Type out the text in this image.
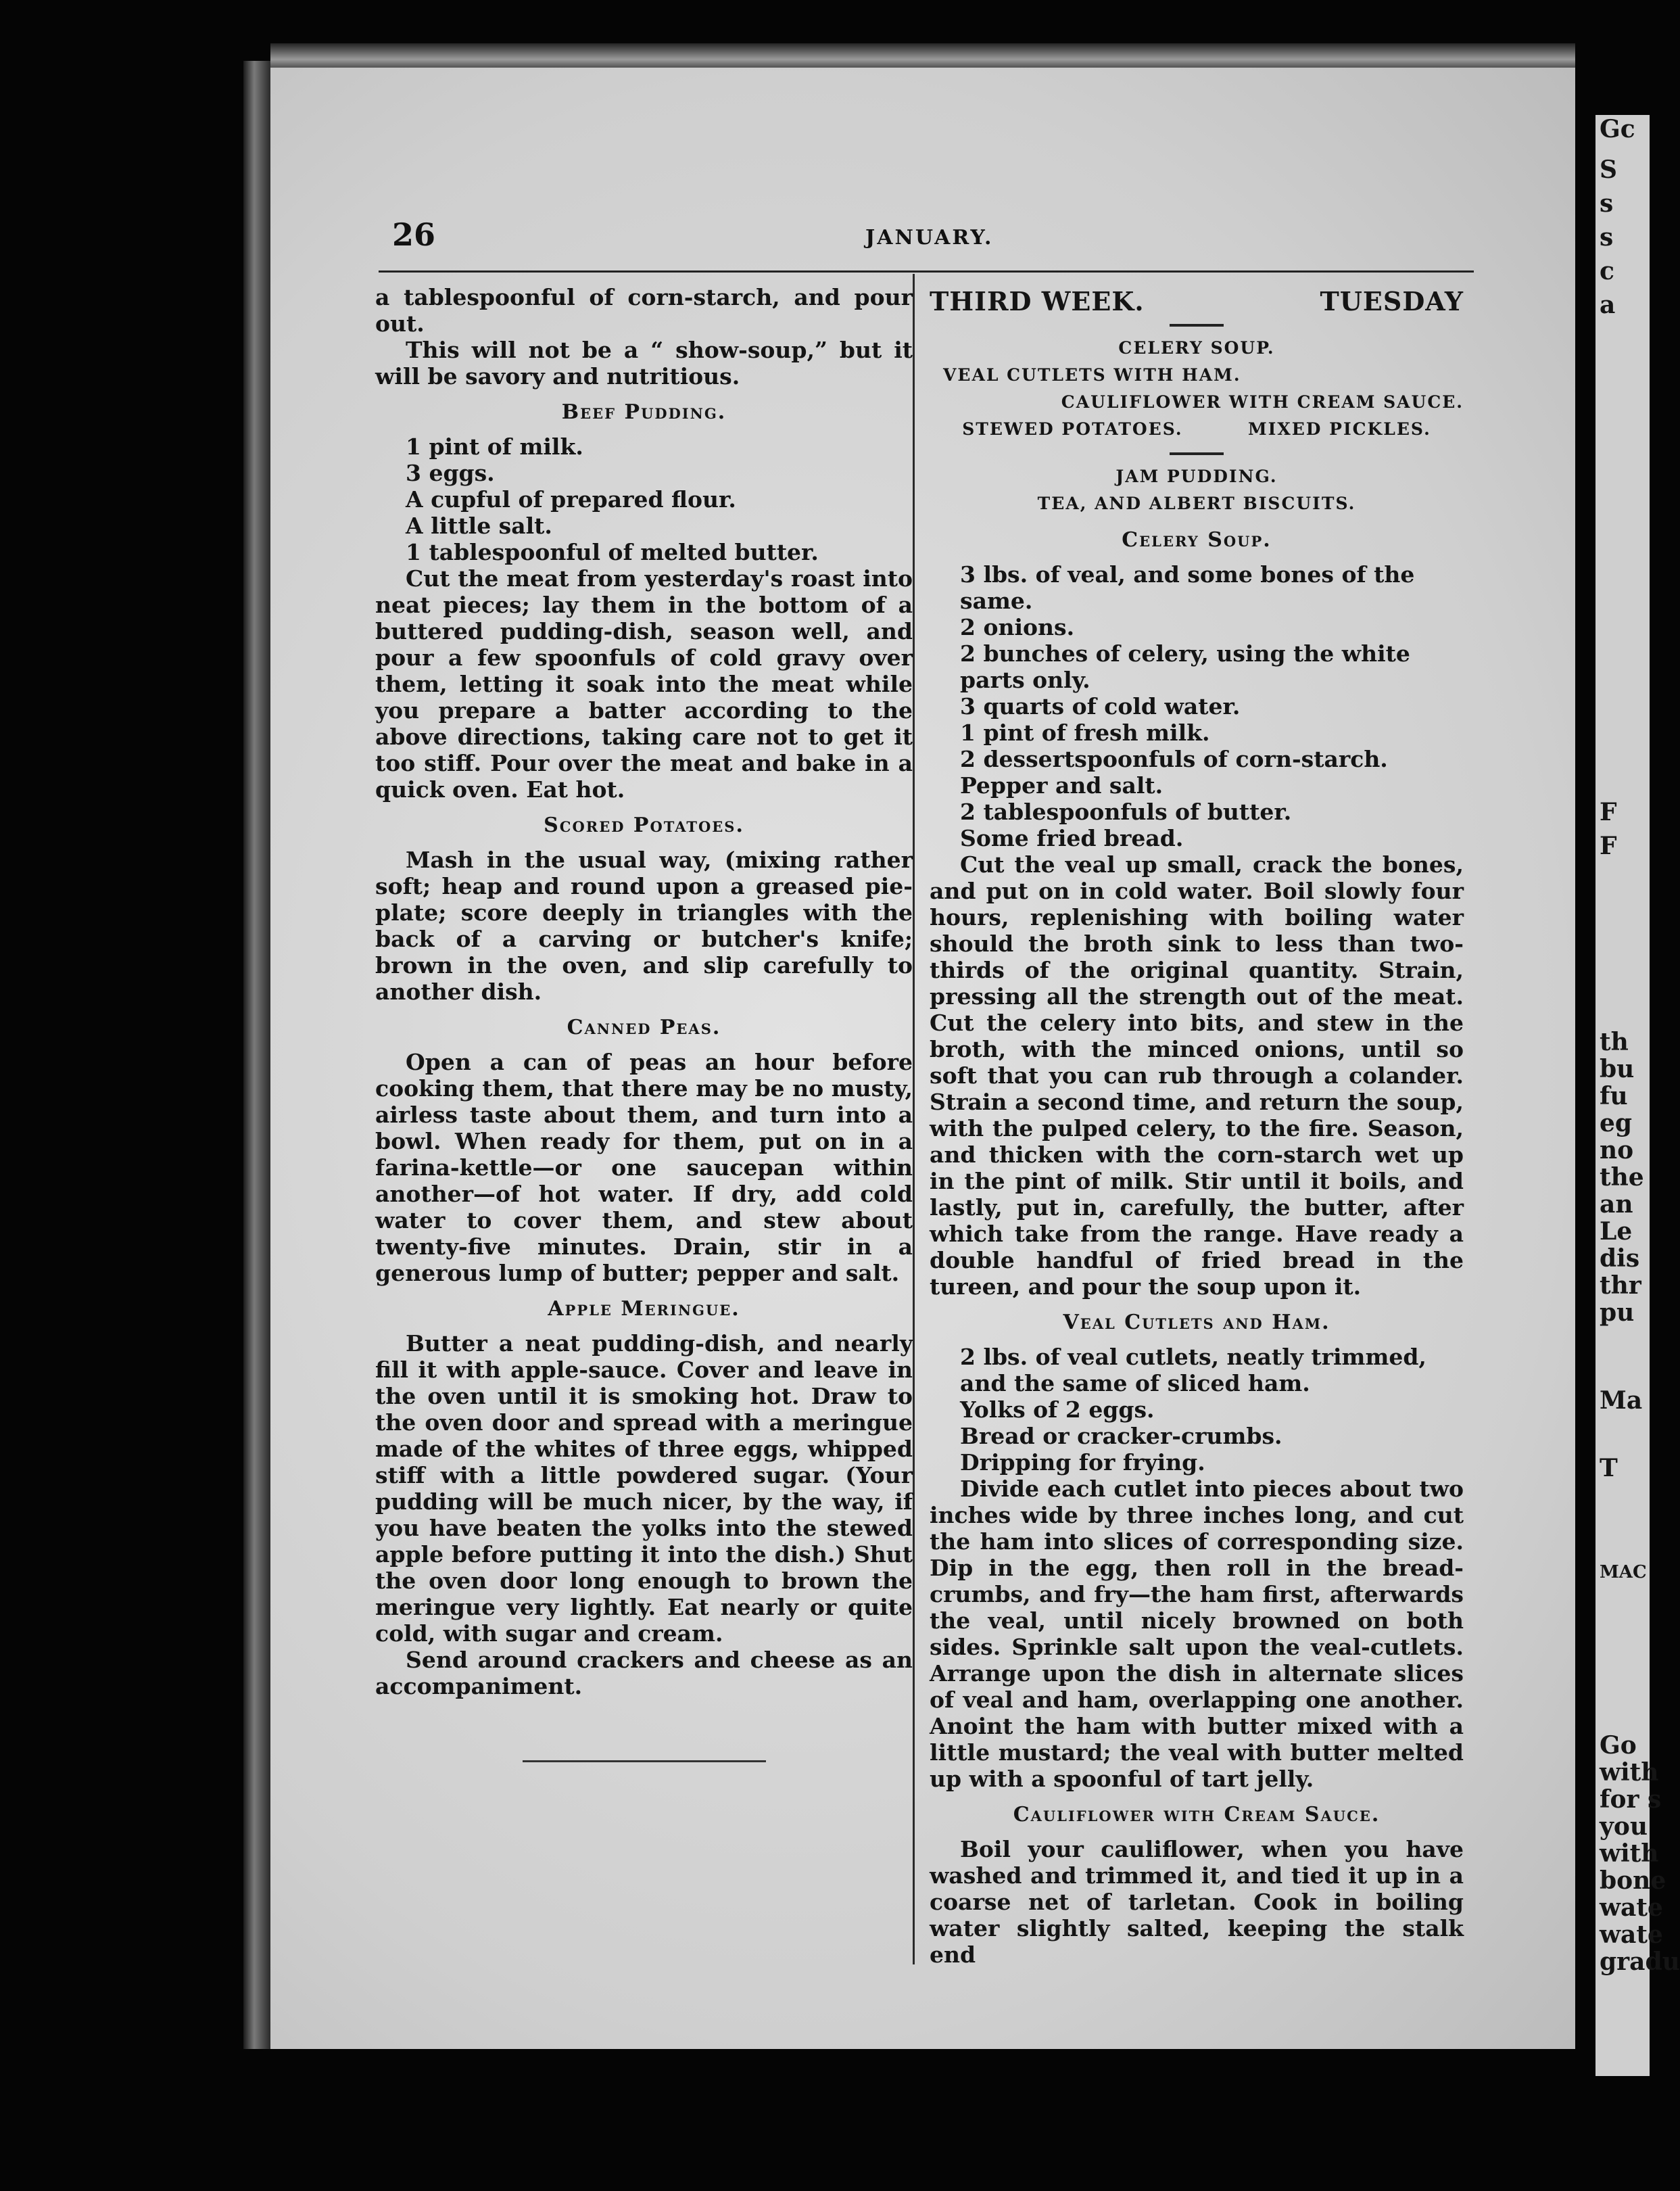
Gc
S
s
s
c
a
F
F
th
bu
fu
eg
no
the
an
Le
dis
thr
pu
Ma
T
MAC
Go
with
for s
you
with
bone
wate
wate
gradu
26	JANUARY.

a tablespoonful of corn-starch, and pour out.

This will not be a “ show-soup,” but it will be savory and nutritious.

Beef Pudding.

1 pint of milk.

3 eggs.

A cupful of prepared flour.

A little salt.

1 tablespoonful of melted butter.

Cut the meat from yesterday's roast into neat pieces; lay them in the bottom of a buttered pudding-dish, season well, and pour a few spoonfuls of cold gravy over them, letting it soak into the meat while you prepare a batter according to the above directions, taking care not to get it too stiff. Pour over the meat and bake in a quick oven. Eat hot.

Scored Potatoes.

Mash in the usual way, (mixing rather soft; heap and round upon a greased pie-plate; score deeply in triangles with the back of a carving or butcher's knife; brown in the oven, and slip carefully to another dish.

Canned Peas.

Open a can of peas an hour before cooking them, that there may be no musty, airless taste about them, and turn into a bowl. When ready for them, put on in a farina-kettle—or one saucepan within another—of hot water. If dry, add cold water to cover them, and stew about twenty-five minutes. Drain, stir in a generous lump of butter; pepper and salt.

Apple Meringue.

Butter a neat pudding-dish, and nearly fill it with apple-sauce. Cover and leave in the oven until it is smoking hot. Draw to the oven door and spread with a meringue made of the whites of three eggs, whipped stiff with a little powdered sugar. (Your pudding will be much nicer, by the way, if you have beaten the yolks into the stewed apple before putting it into the dish.) Shut the oven door long enough to brown the meringue very lightly. Eat nearly or quite cold, with sugar and cream.

Send around crackers and cheese as an accompaniment.

THIRD WEEK.	TUESDAY

CELERY SOUP.

VEAL CUTLETS WITH HAM.

CAULIFLOWER WITH CREAM SAUCE.

STEWED POTATOES.	MIXED PICKLES.

JAM PUDDING.

TEA, AND ALBERT BISCUITS.

Celery Soup.

3 lbs. of veal, and some bones of the same.

2 onions.

2 bunches of celery, using the white parts only.

3 quarts of cold water.

1 pint of fresh milk.

2 dessertspoonfuls of corn-starch.

Pepper and salt.

2 tablespoonfuls of butter.

Some fried bread.

Cut the veal up small, crack the bones, and put on in cold water. Boil slowly four hours, replenishing with boiling water should the broth sink to less than two-thirds of the original quantity. Strain, pressing all the strength out of the meat. Cut the celery into bits, and stew in the broth, with the minced onions, until so soft that you can rub through a colander. Strain a second time, and return the soup, with the pulped celery, to the fire. Season, and thicken with the corn-starch wet up in the pint of milk. Stir until it boils, and lastly, put in, carefully, the butter, after which take from the range. Have ready a double handful of fried bread in the tureen, and pour the soup upon it.

Veal Cutlets and Ham.

2 lbs. of veal cutlets, neatly trimmed, and the same of sliced ham.

Yolks of 2 eggs.

Bread or cracker-crumbs.

Dripping for frying.

Divide each cutlet into pieces about two inches wide by three inches long, and cut the ham into slices of corresponding size. Dip in the egg, then roll in the bread-crumbs, and fry—the ham first, afterwards the veal, until nicely browned on both sides. Sprinkle salt upon the veal-cutlets. Arrange upon the dish in alternate slices of veal and ham, overlapping one another. Anoint the ham with butter mixed with a little mustard; the veal with butter melted up with a spoonful of tart jelly.

Cauliflower with Cream Sauce.

Boil your cauliflower, when you have washed and trimmed it, and tied it up in a coarse net of tarletan. Cook in boiling water slightly salted, keeping the stalk end
